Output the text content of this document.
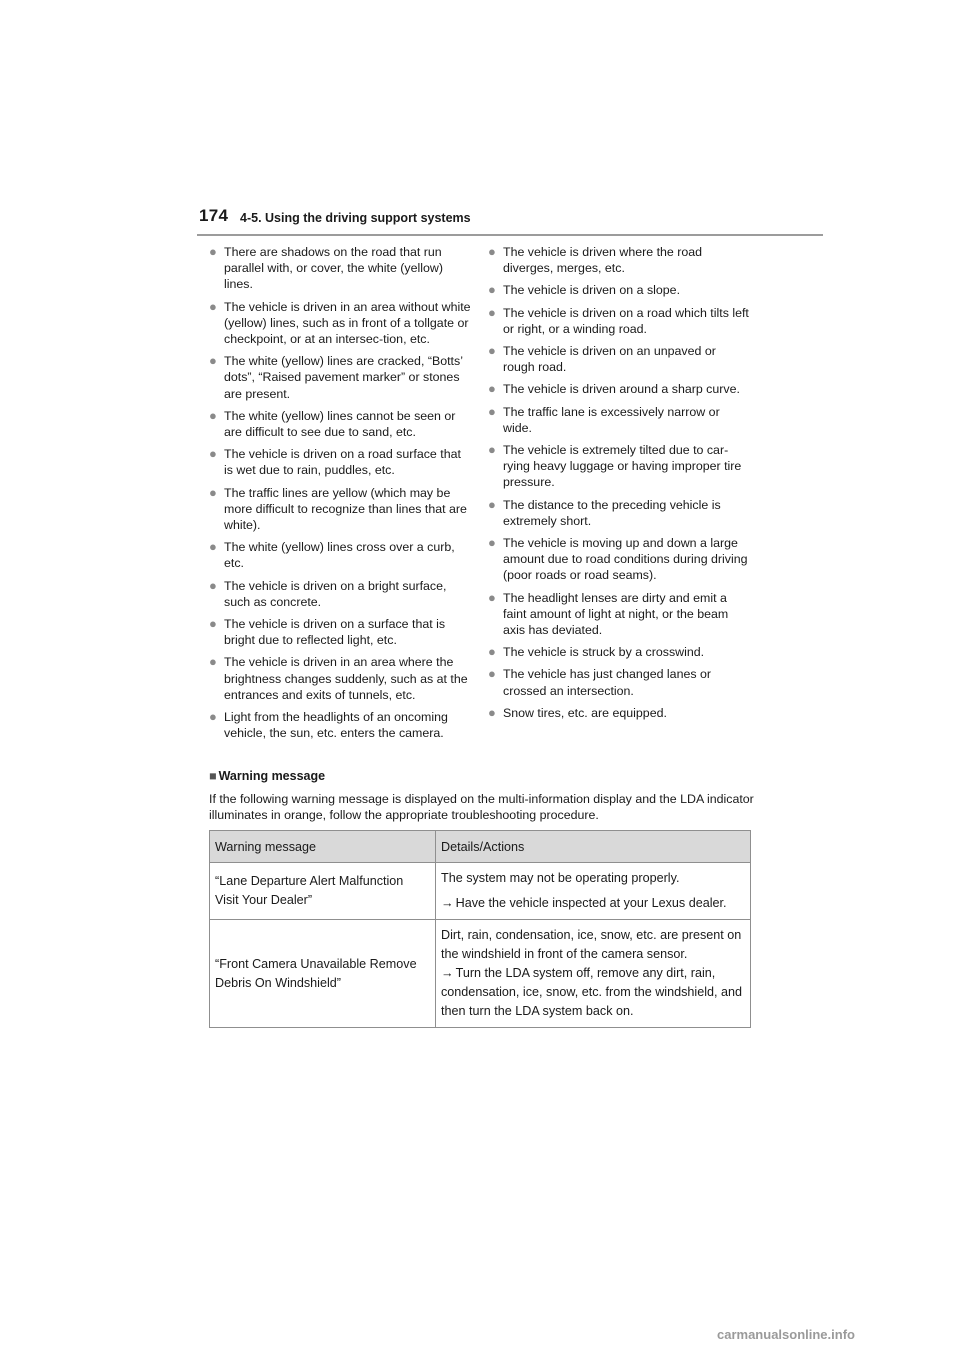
174 4-5. Using the driving support systems
● There are shadows on the road that run parallel with, or cover, the white (yellow) lines.
● The vehicle is driven in an area without white (yellow) lines, such as in front of a tollgate or checkpoint, or at an intersec-tion, etc.
● The white (yellow) lines are cracked, “Botts’ dots”, “Raised pavement marker” or stones are present.
● The white (yellow) lines cannot be seen or are difficult to see due to sand, etc.
● The vehicle is driven on a road surface that is wet due to rain, puddles, etc.
● The traffic lines are yellow (which may be more difficult to recognize than lines that are white).
● The white (yellow) lines cross over a curb, etc.
● The vehicle is driven on a bright surface, such as concrete.
● The vehicle is driven on a surface that is bright due to reflected light, etc.
● The vehicle is driven in an area where the brightness changes suddenly, such as at the entrances and exits of tunnels, etc.
● Light from the headlights of an oncoming vehicle, the sun, etc. enters the camera.
● The vehicle is driven where the road diverges, merges, etc.
● The vehicle is driven on a slope.
● The vehicle is driven on a road which tilts left or right, or a winding road.
● The vehicle is driven on an unpaved or rough road.
● The vehicle is driven around a sharp curve.
● The traffic lane is excessively narrow or wide.
● The vehicle is extremely tilted due to car-rying heavy luggage or having improper tire pressure.
● The distance to the preceding vehicle is extremely short.
● The vehicle is moving up and down a large amount due to road conditions during driving (poor roads or road seams).
● The headlight lenses are dirty and emit a faint amount of light at night, or the beam axis has deviated.
● The vehicle is struck by a crosswind.
● The vehicle has just changed lanes or crossed an intersection.
● Snow tires, etc. are equipped.
■ Warning message
If the following warning message is displayed on the multi-information display and the LDA indicator illuminates in orange, follow the appropriate troubleshooting procedure.
Warning message	Details/Actions
“Lane Departure Alert Malfunction Visit Your Dealer”	The system may not be operating properly.
→ Have the vehicle inspected at your Lexus dealer.

“Front Camera Unavailable Remove Debris On Windshield”	Dirt, rain, condensation, ice, snow, etc. are present on the windshield in front of the camera sensor.
→ Turn the LDA system off, remove any dirt, rain, condensation, ice, snow, etc. from the windshield, and then turn the LDA system back on.
carmanualsonline.info
